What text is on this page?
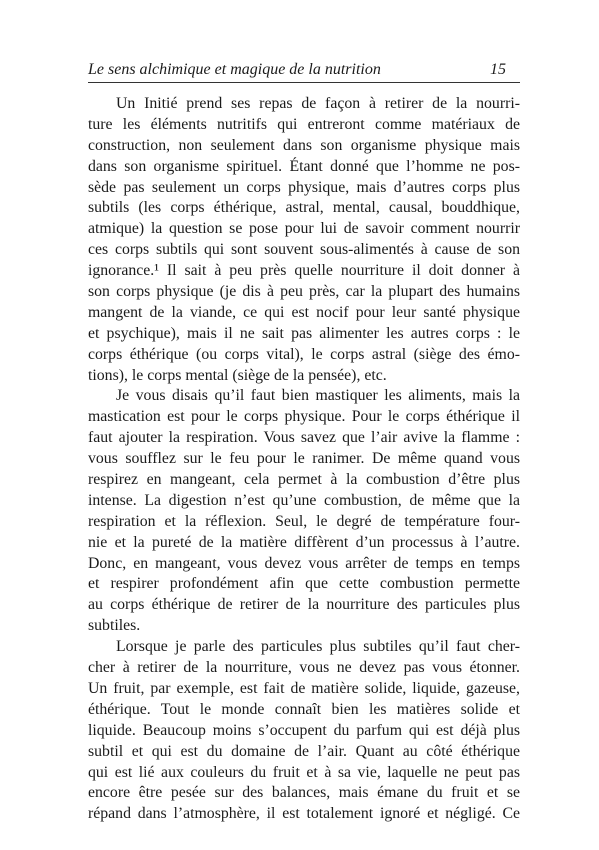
Le sens alchimique et magique de la nutrition	15
Un Initié prend ses repas de façon à retirer de la nourri-
ture les éléments nutritifs qui entreront comme matériaux de
construction, non seulement dans son organisme physique mais
dans son organisme spirituel. Étant donné que l’homme ne pos-
sède pas seulement un corps physique, mais d’autres corps plus
subtils (les corps éthérique, astral, mental, causal, bouddhique,
atmique) la question se pose pour lui de savoir comment nourrir
ces corps subtils qui sont souvent sous-alimentés à cause de son
ignorance.¹ Il sait à peu près quelle nourriture il doit donner à
son corps physique (je dis à peu près, car la plupart des humains
mangent de la viande, ce qui est nocif pour leur santé physique
et psychique), mais il ne sait pas alimenter les autres corps : le
corps éthérique (ou corps vital), le corps astral (siège des émo-
tions), le corps mental (siège de la pensée), etc.
Je vous disais qu’il faut bien mastiquer les aliments, mais la
mastication est pour le corps physique. Pour le corps éthérique il
faut ajouter la respiration. Vous savez que l’air avive la flamme :
vous soufflez sur le feu pour le ranimer. De même quand vous
respirez en mangeant, cela permet à la combustion d’être plus
intense. La digestion n’est qu’une combustion, de même que la
respiration et la réflexion. Seul, le degré de température four-
nie et la pureté de la matière diffèrent d’un processus à l’autre.
Donc, en mangeant, vous devez vous arrêter de temps en temps
et respirer profondément afin que cette combustion permette
au corps éthérique de retirer de la nourriture des particules plus
subtiles.
Lorsque je parle des particules plus subtiles qu’il faut cher-
cher à retirer de la nourriture, vous ne devez pas vous étonner.
Un fruit, par exemple, est fait de matière solide, liquide, gazeuse,
éthérique. Tout le monde connaît bien les matières solide et
liquide. Beaucoup moins s’occupent du parfum qui est déjà plus
subtil et qui est du domaine de l’air. Quant au côté éthérique
qui est lié aux couleurs du fruit et à sa vie, laquelle ne peut pas
encore être pesée sur des balances, mais émane du fruit et se
répand dans l’atmosphère, il est totalement ignoré et négligé. Ce
